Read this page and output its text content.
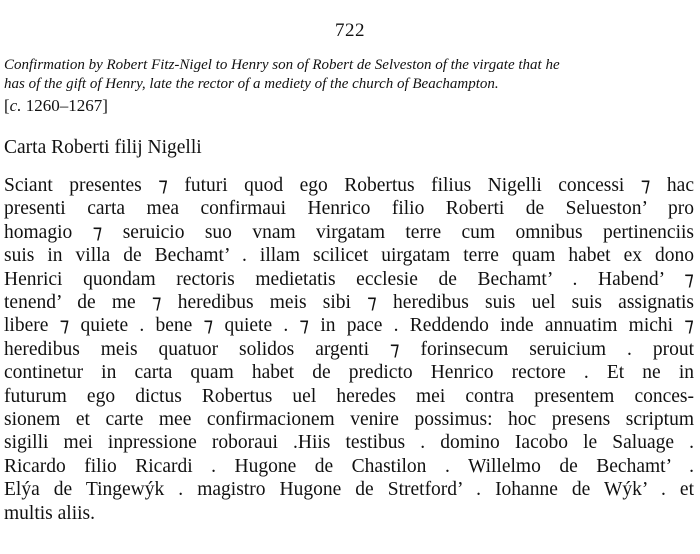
722
Confirmation by Robert Fitz-Nigel to Henry son of Robert de Selveston of the virgate that he
has of the gift of Henry, late the rector of a mediety of the church of Beachampton.
[c. 1260–1267]
Carta Roberti filij Nigelli
Sciant presentes ⁊ futuri quod ego Robertus filius Nigelli concessi ⁊ hac
presenti carta mea confirmaui Henrico filio Roberti de Selueston’ pro
homagio ⁊ seruicio suo vnam virgatam terre cum omnibus pertinenciis
suis in villa de Bechamt’ . illam scilicet uirgatam terre quam habet ex dono
Henrici quondam rectoris medietatis ecclesie de Bechamt’ . Habend’ ⁊
tenend’ de me ⁊ heredibus meis sibi ⁊ heredibus suis uel suis assignatis
libere ⁊ quiete . bene ⁊ quiete . ⁊ in pace . Reddendo inde annuatim michi ⁊
heredibus meis quatuor solidos argenti ⁊ forinsecum seruicium . prout
continetur in carta quam habet de predicto Henrico rectore . Et ne in
futurum ego dictus Robertus uel heredes mei contra presentem conces-
sionem et carte mee confirmacionem venire possimus: hoc presens scriptum
sigilli mei inpressione roboraui .Hiis testibus . domino Iacobo le Saluage .
Ricardo filio Ricardi . Hugone de Chastilon . Willelmo de Bechamt’ .
Elýa de Tingewýk . magistro Hugone de Stretford’ . Iohanne de Wýk’ . et
multis aliis.
